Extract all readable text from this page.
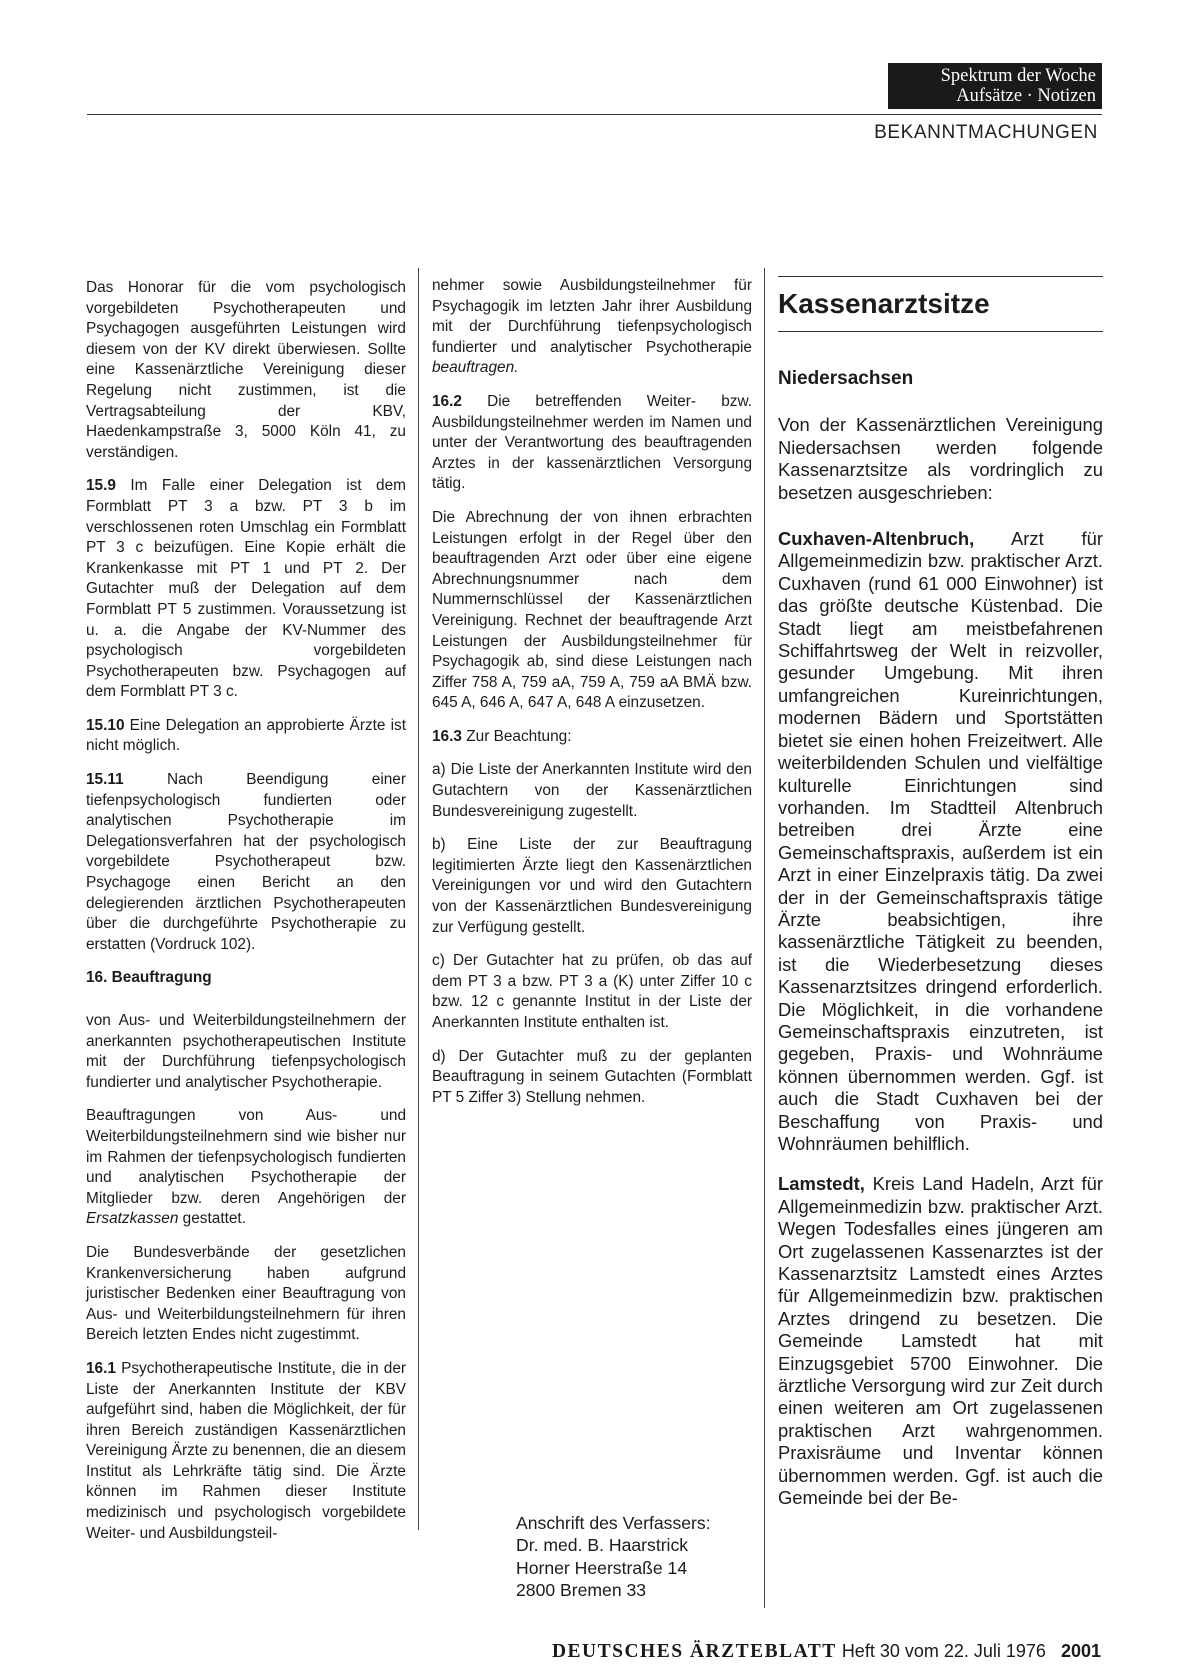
Spektrum der Woche
Aufsätze · Notizen
BEKANNTMACHUNGEN

Das Honorar für die vom psychologisch vorgebildeten Psychotherapeuten und Psychagogen ausgeführten Leistungen wird diesem von der KV direkt überwiesen. Sollte eine Kassenärztliche Vereinigung dieser Regelung nicht zustimmen, ist die Vertragsabteilung der KBV, Haedenkampstraße 3, 5000 Köln 41, zu verständigen.

15.9 Im Falle einer Delegation ist dem Formblatt PT 3 a bzw. PT 3 b im verschlossenen roten Umschlag ein Formblatt PT 3 c beizufügen. Eine Kopie erhält die Krankenkasse mit PT 1 und PT 2. Der Gutachter muß der Delegation auf dem Formblatt PT 5 zustimmen. Voraussetzung ist u. a. die Angabe der KV-Nummer des psychologisch vorgebildeten Psychotherapeuten bzw. Psychagogen auf dem Formblatt PT 3 c.

15.10 Eine Delegation an approbierte Ärzte ist nicht möglich.

15.11 Nach Beendigung einer tiefenpsychologisch fundierten oder analytischen Psychotherapie im Delegationsverfahren hat der psychologisch vorgebildete Psychotherapeut bzw. Psychagoge einen Bericht an den delegierenden ärztlichen Psychotherapeuten über die durchgeführte Psychotherapie zu erstatten (Vordruck 102).

16. Beauftragung

von Aus- und Weiterbildungsteilnehmern der anerkannten psychotherapeutischen Institute mit der Durchführung tiefenpsychologisch fundierter und analytischer Psychotherapie.

Beauftragungen von Aus- und Weiterbildungsteilnehmern sind wie bisher nur im Rahmen der tiefenpsychologisch fundierten und analytischen Psychotherapie der Mitglieder bzw. deren Angehörigen der Ersatzkassen gestattet.

Die Bundesverbände der gesetzlichen Krankenversicherung haben aufgrund juristischer Bedenken einer Beauftragung von Aus- und Weiterbildungsteilnehmern für ihren Bereich letzten Endes nicht zugestimmt.

16.1 Psychotherapeutische Institute, die in der Liste der Anerkannten Institute der KBV aufgeführt sind, haben die Möglichkeit, der für ihren Bereich zuständigen Kassenärztlichen Vereinigung Ärzte zu benennen, die an diesem Institut als Lehrkräfte tätig sind. Die Ärzte können im Rahmen dieser Institute medizinisch und psychologisch vorgebildete Weiter- und Ausbildungsteil-

nehmer sowie Ausbildungsteilnehmer für Psychagogik im letzten Jahr ihrer Ausbildung mit der Durchführung tiefenpsychologisch fundierter und analytischer Psychotherapie beauftragen.

16.2 Die betreffenden Weiter- bzw. Ausbildungsteilnehmer werden im Namen und unter der Verantwortung des beauftragenden Arztes in der kassenärztlichen Versorgung tätig.

Die Abrechnung der von ihnen erbrachten Leistungen erfolgt in der Regel über den beauftragenden Arzt oder über eine eigene Abrechnungsnummer nach dem Nummernschlüssel der Kassenärztlichen Vereinigung. Rechnet der beauftragende Arzt Leistungen der Ausbildungsteilnehmer für Psychagogik ab, sind diese Leistungen nach Ziffer 758 A, 759 aA, 759 A, 759 aA BMÄ bzw. 645 A, 646 A, 647 A, 648 A einzusetzen.

16.3 Zur Beachtung:

a) Die Liste der Anerkannten Institute wird den Gutachtern von der Kassenärztlichen Bundesvereinigung zugestellt.

b) Eine Liste der zur Beauftragung legitimierten Ärzte liegt den Kassenärztlichen Vereinigungen vor und wird den Gutachtern von der Kassenärztlichen Bundesvereinigung zur Verfügung gestellt.

c) Der Gutachter hat zu prüfen, ob das auf dem PT 3 a bzw. PT 3 a (K) unter Ziffer 10 c bzw. 12 c genannte Institut in der Liste der Anerkannten Institute enthalten ist.

d) Der Gutachter muß zu der geplanten Beauftragung in seinem Gutachten (Formblatt PT 5 Ziffer 3) Stellung nehmen.

Anschrift des Verfassers:
Dr. med. B. Haarstrick
Horner Heerstraße 14
2800 Bremen 33
Kassenarztsitze
Niedersachsen

Von der Kassenärztlichen Vereinigung Niedersachsen werden folgende Kassenarztsitze als vordringlich zu besetzen ausgeschrieben:

Cuxhaven-Altenbruch, Arzt für Allgemeinmedizin bzw. praktischer Arzt. Cuxhaven (rund 61 000 Einwohner) ist das größte deutsche Küstenbad. Die Stadt liegt am meistbefahrenen Schiffahrtsweg der Welt in reizvoller, gesunder Umgebung. Mit ihren umfangreichen Kureinrichtungen, modernen Bädern und Sportstätten bietet sie einen hohen Freizeitwert. Alle weiterbildenden Schulen und vielfältige kulturelle Einrichtungen sind vorhanden. Im Stadtteil Altenbruch betreiben drei Ärzte eine Gemeinschaftspraxis, außerdem ist ein Arzt in einer Einzelpraxis tätig. Da zwei der in der Gemeinschaftspraxis tätige Ärzte beabsichtigen, ihre kassenärztliche Tätigkeit zu beenden, ist die Wiederbesetzung dieses Kassenarztsitzes dringend erforderlich. Die Möglichkeit, in die vorhandene Gemeinschaftspraxis einzutreten, ist gegeben, Praxis- und Wohnräume können übernommen werden. Ggf. ist auch die Stadt Cuxhaven bei der Beschaffung von Praxis- und Wohnräumen behilflich.

Lamstedt, Kreis Land Hadeln, Arzt für Allgemeinmedizin bzw. praktischer Arzt. Wegen Todesfalles eines jüngeren am Ort zugelassenen Kassenarztes ist der Kassenarztsitz Lamstedt eines Arztes für Allgemeinmedizin bzw. praktischen Arztes dringend zu besetzen. Die Gemeinde Lamstedt hat mit Einzugsgebiet 5700 Einwohner. Die ärztliche Versorgung wird zur Zeit durch einen weiteren am Ort zugelassenen praktischen Arzt wahrgenommen. Praxisräume und Inventar können übernommen werden. Ggf. ist auch die Gemeinde bei der Be-

DEUTSCHES ÄRZTEBLATT Heft 30 vom 22. Juli 1976 2001
